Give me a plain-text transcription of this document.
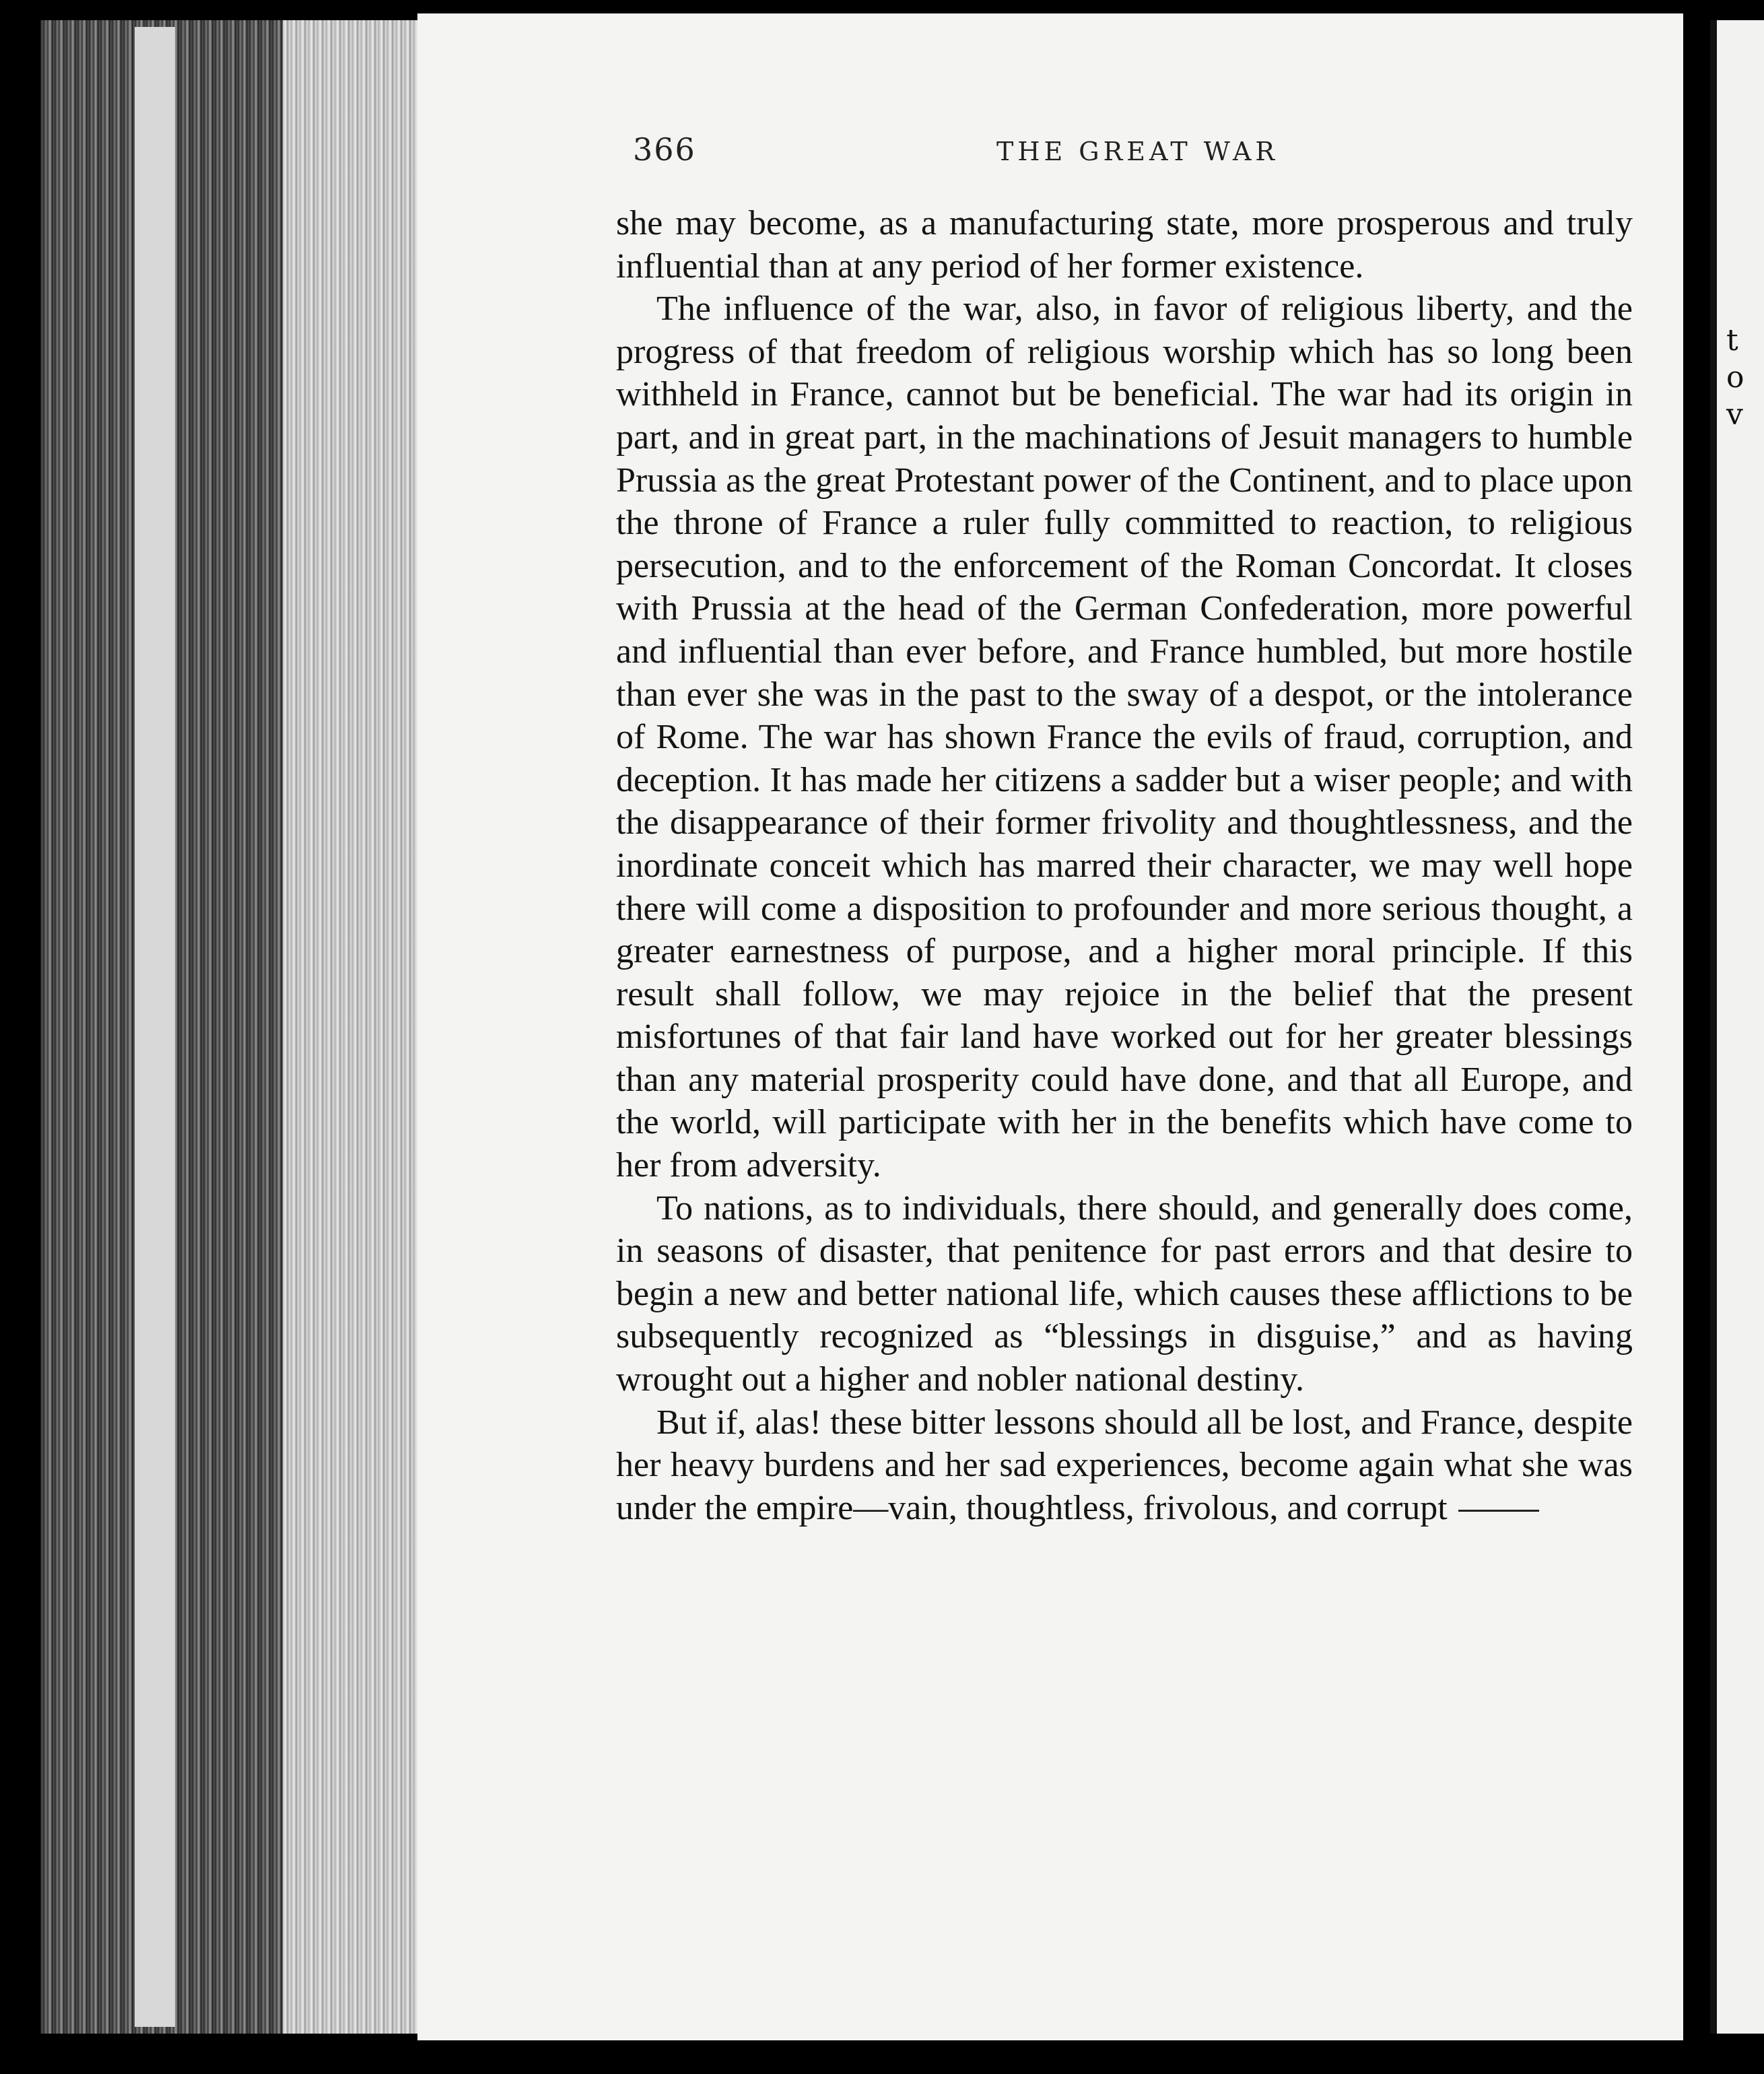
t
o
v
366	THE GREAT WAR

she may become, as a manufacturing state, more prosperous and truly influential than at any period of her former existence.

The influence of the war, also, in favor of religious liberty, and the progress of that freedom of religious worship which has so long been withheld in France, cannot but be beneficial. The war had its origin in part, and in great part, in the machinations of Jesuit managers to humble Prussia as the great Protestant power of the Continent, and to place upon the throne of France a ruler fully committed to reaction, to religious persecution, and to the enforcement of the Roman Concordat. It closes with Prussia at the head of the German Confederation, more powerful and influential than ever before, and France humbled, but more hostile than ever she was in the past to the sway of a despot, or the intolerance of Rome. The war has shown France the evils of fraud, corruption, and deception. It has made her citizens a sadder but a wiser people; and with the disappearance of their former frivolity and thoughtlessness, and the inordinate conceit which has marred their character, we may well hope there will come a disposition to profounder and more serious thought, a greater earnestness of purpose, and a higher moral principle. If this result shall follow, we may rejoice in the belief that the present misfortunes of that fair land have worked out for her greater blessings than any material prosperity could have done, and that all Europe, and the world, will participate with her in the benefits which have come to her from adversity.

To nations, as to individuals, there should, and generally does come, in seasons of disaster, that penitence for past errors and that desire to begin a new and better national life, which causes these afflictions to be subsequently recognized as “blessings in disguise,” and as having wrought out a higher and nobler national destiny.

But if, alas! these bitter lessons should all be lost, and France, despite her heavy burdens and her sad experiences, become again what she was under the empire—vain, thoughtless, frivolous, and corrupt
